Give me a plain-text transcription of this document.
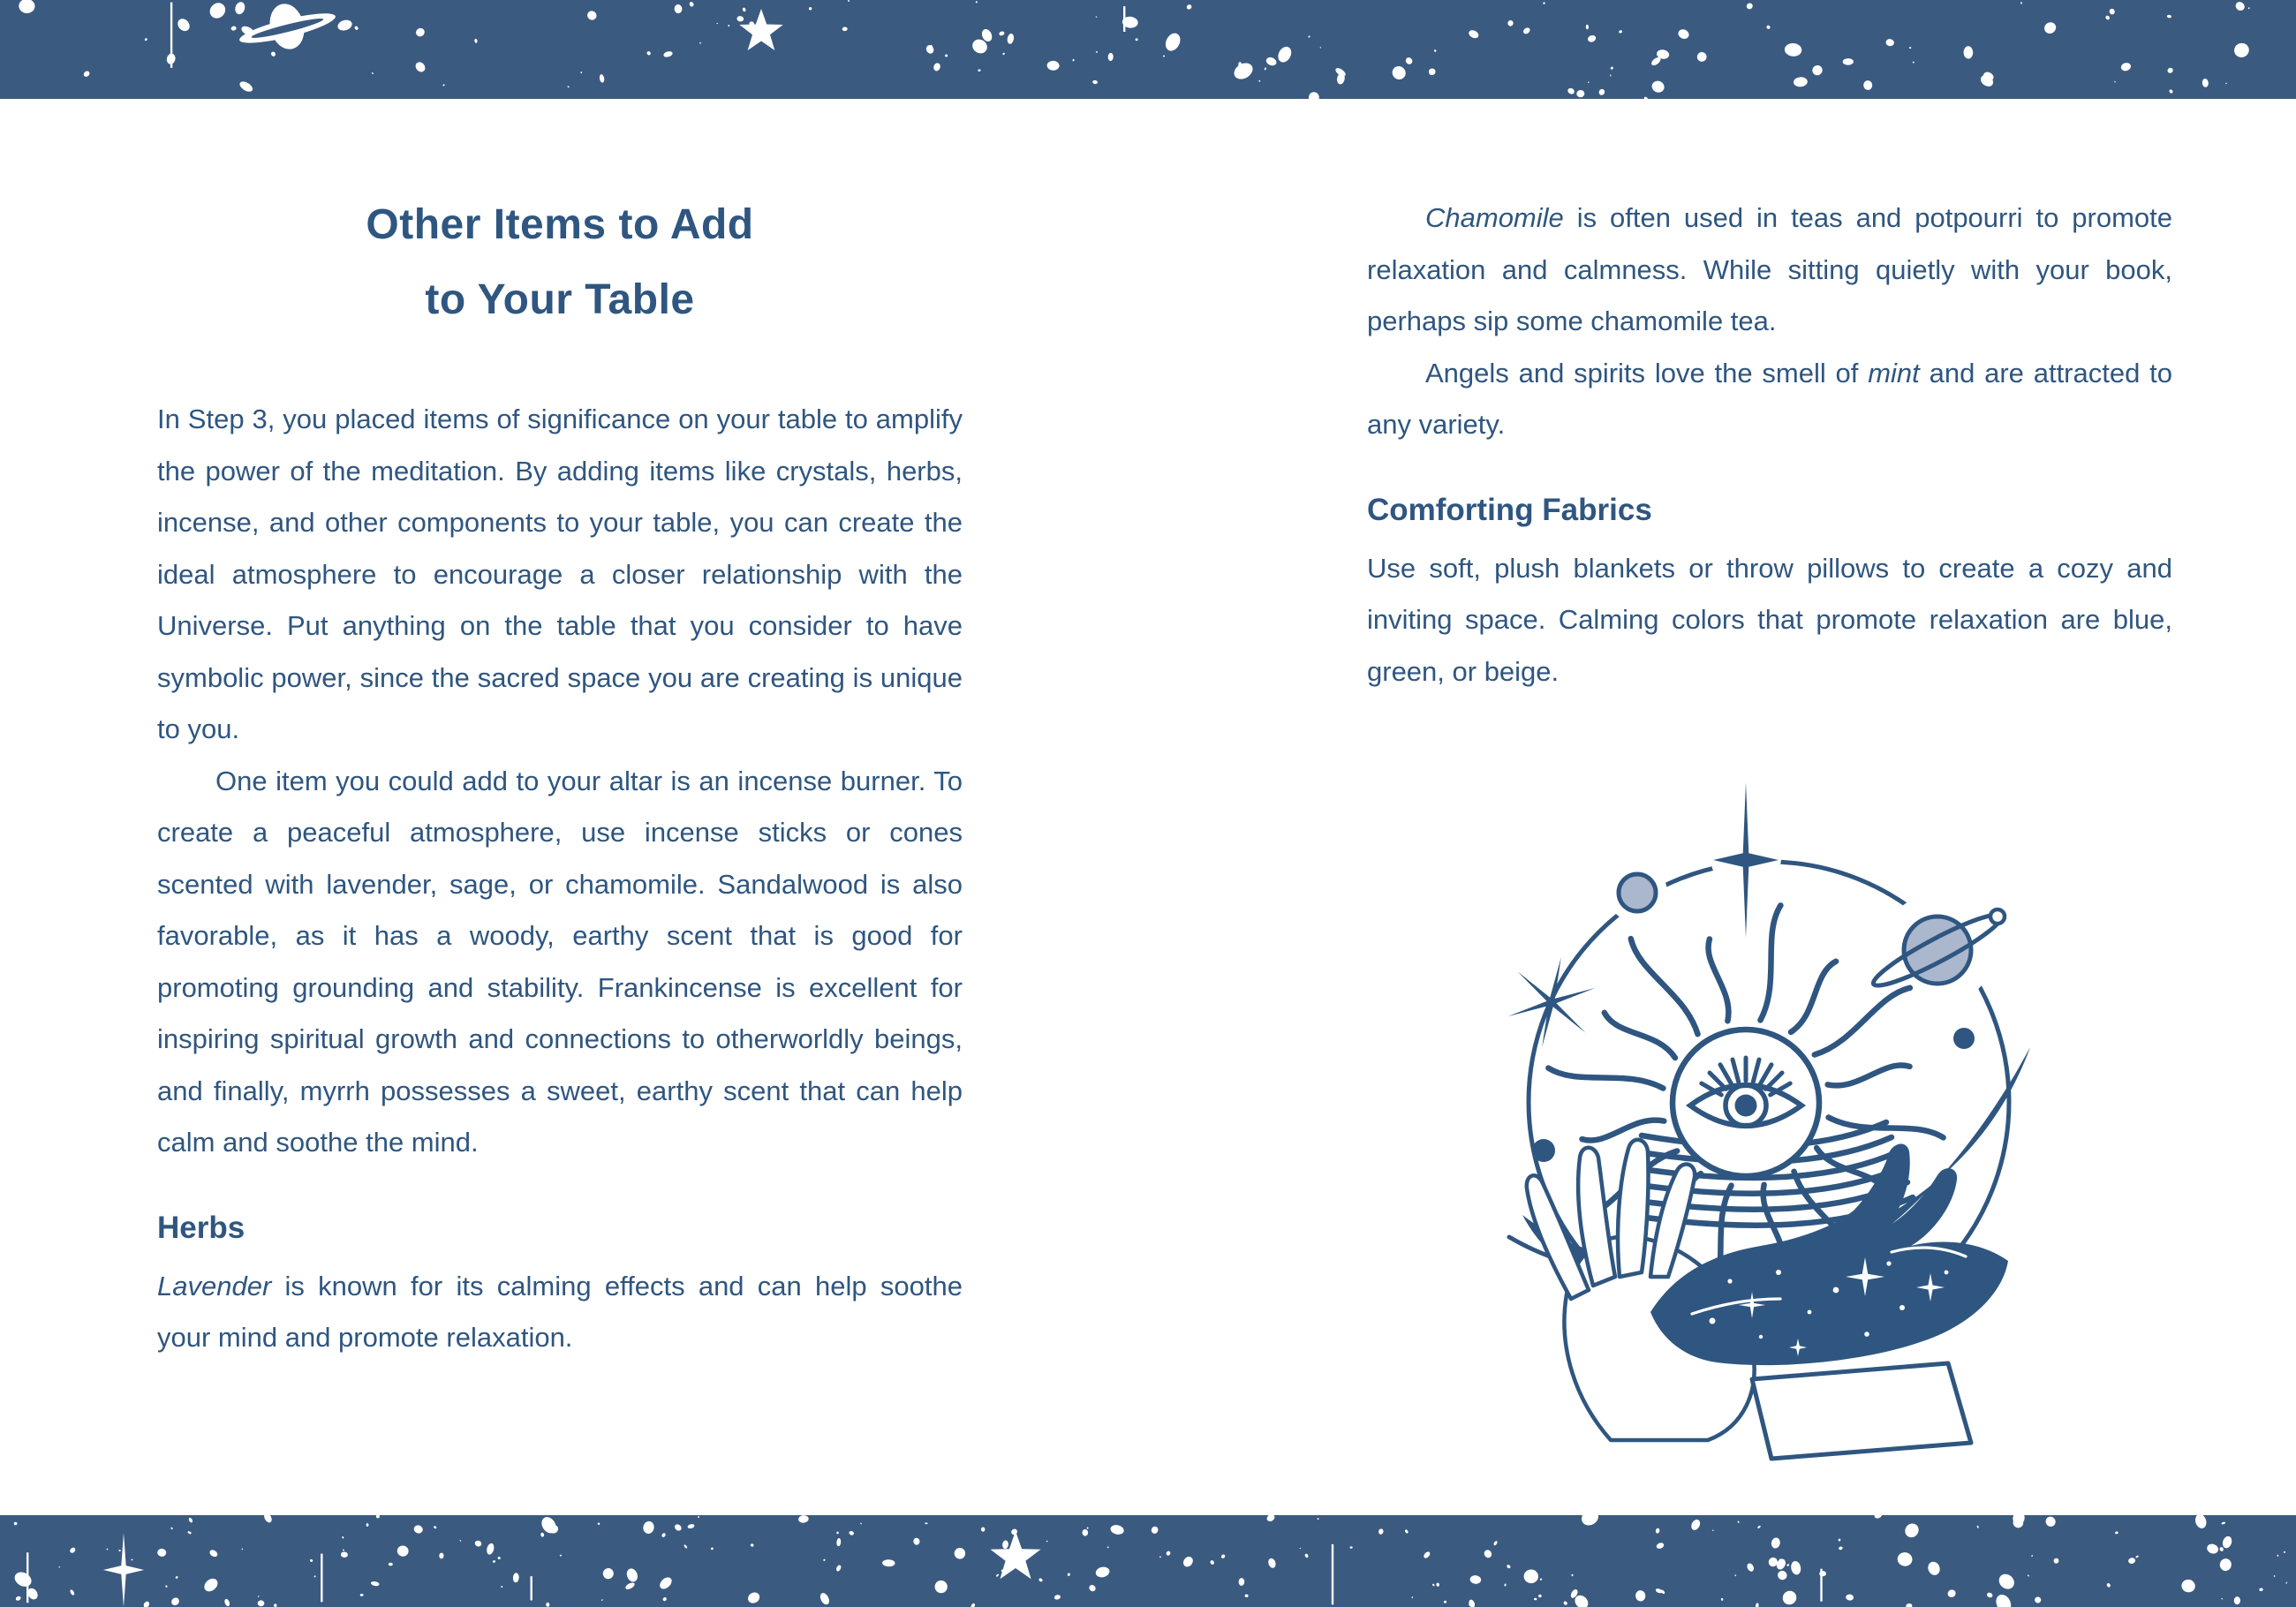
Other Items to Add
to Your Table

In Step 3, you placed items of significance on your table to amplify the power of the meditation. By adding items like crystals, herbs, incense, and other components to your table, you can create the ideal atmosphere to encourage a closer relationship with the Universe. Put anything on the table that you consider to have symbolic power, since the sacred space you are creating is unique to you.

One item you could add to your altar is an incense burner. To create a peaceful atmosphere, use incense sticks or cones scented with lavender, sage, or chamomile. Sandalwood is also favorable, as it has a woody, earthy scent that is good for promoting grounding and stability. Frankincense is excellent for inspiring spiritual growth and connections to otherworldly beings, and finally, myrrh possesses a sweet, earthy scent that can help calm and soothe the mind.

Herbs

Lavender is known for its calming effects and can help soothe your mind and promote relaxation.

Chamomile is often used in teas and potpourri to promote relaxation and calmness. While sitting quietly with your book, perhaps sip some chamomile tea.

Angels and spirits love the smell of mint and are attracted to any variety.

Comforting Fabrics

Use soft, plush blankets or throw pillows to create a cozy and inviting space. Calming colors that promote relaxation are blue, green, or beige.
